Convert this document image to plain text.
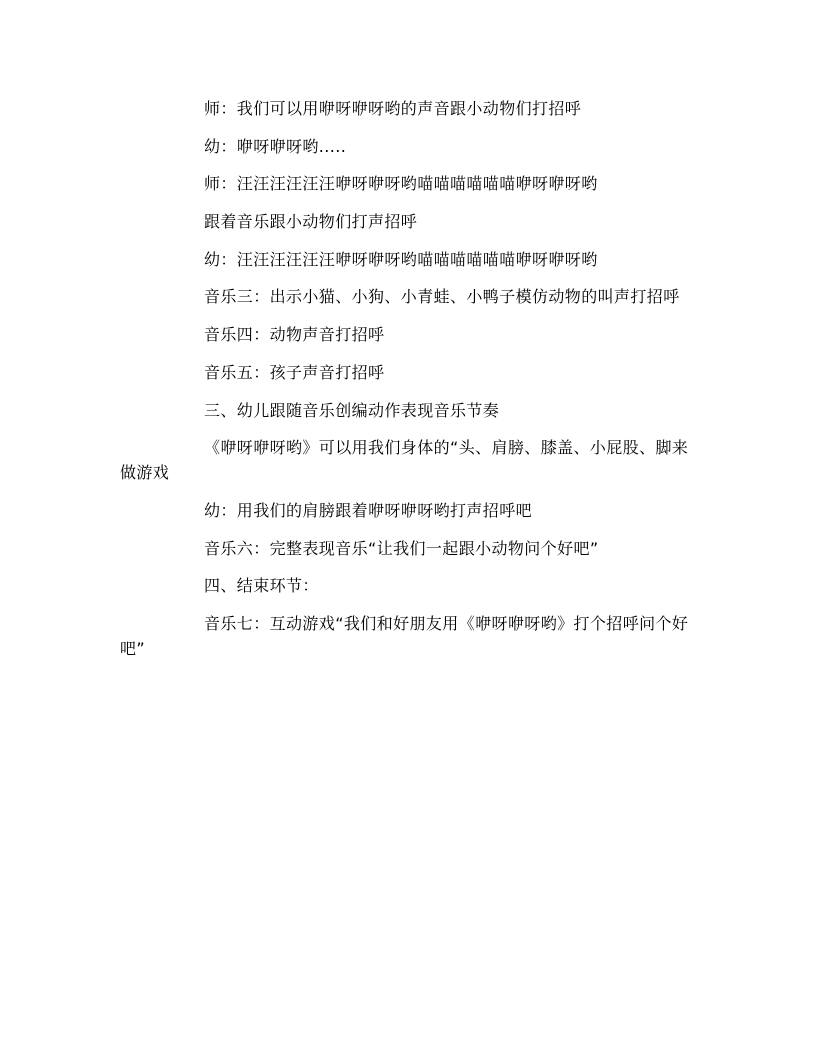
师：我们可以用咿呀咿呀哟的声音跟小动物们打招呼

幼：咿呀咿呀哟.....

师：汪汪汪汪汪汪咿呀咿呀哟喵喵喵喵喵喵咿呀咿呀哟

跟着音乐跟小动物们打声招呼

幼：汪汪汪汪汪汪咿呀咿呀哟喵喵喵喵喵喵咿呀咿呀哟

音乐三：出示小猫、小狗、小青蛙、小鸭子模仿动物的叫声打招呼

音乐四：动物声音打招呼

音乐五：孩子声音打招呼

三、幼儿跟随音乐创编动作表现音乐节奏

《咿呀咿呀哟》可以用我们身体的“头、肩膀、膝盖、小屁股、脚来做游戏

幼：用我们的肩膀跟着咿呀咿呀哟打声招呼吧

音乐六：完整表现音乐“让我们一起跟小动物问个好吧”

四、结束环节：

音乐七：互动游戏“我们和好朋友用《咿呀咿呀哟》打个招呼问个好吧”
